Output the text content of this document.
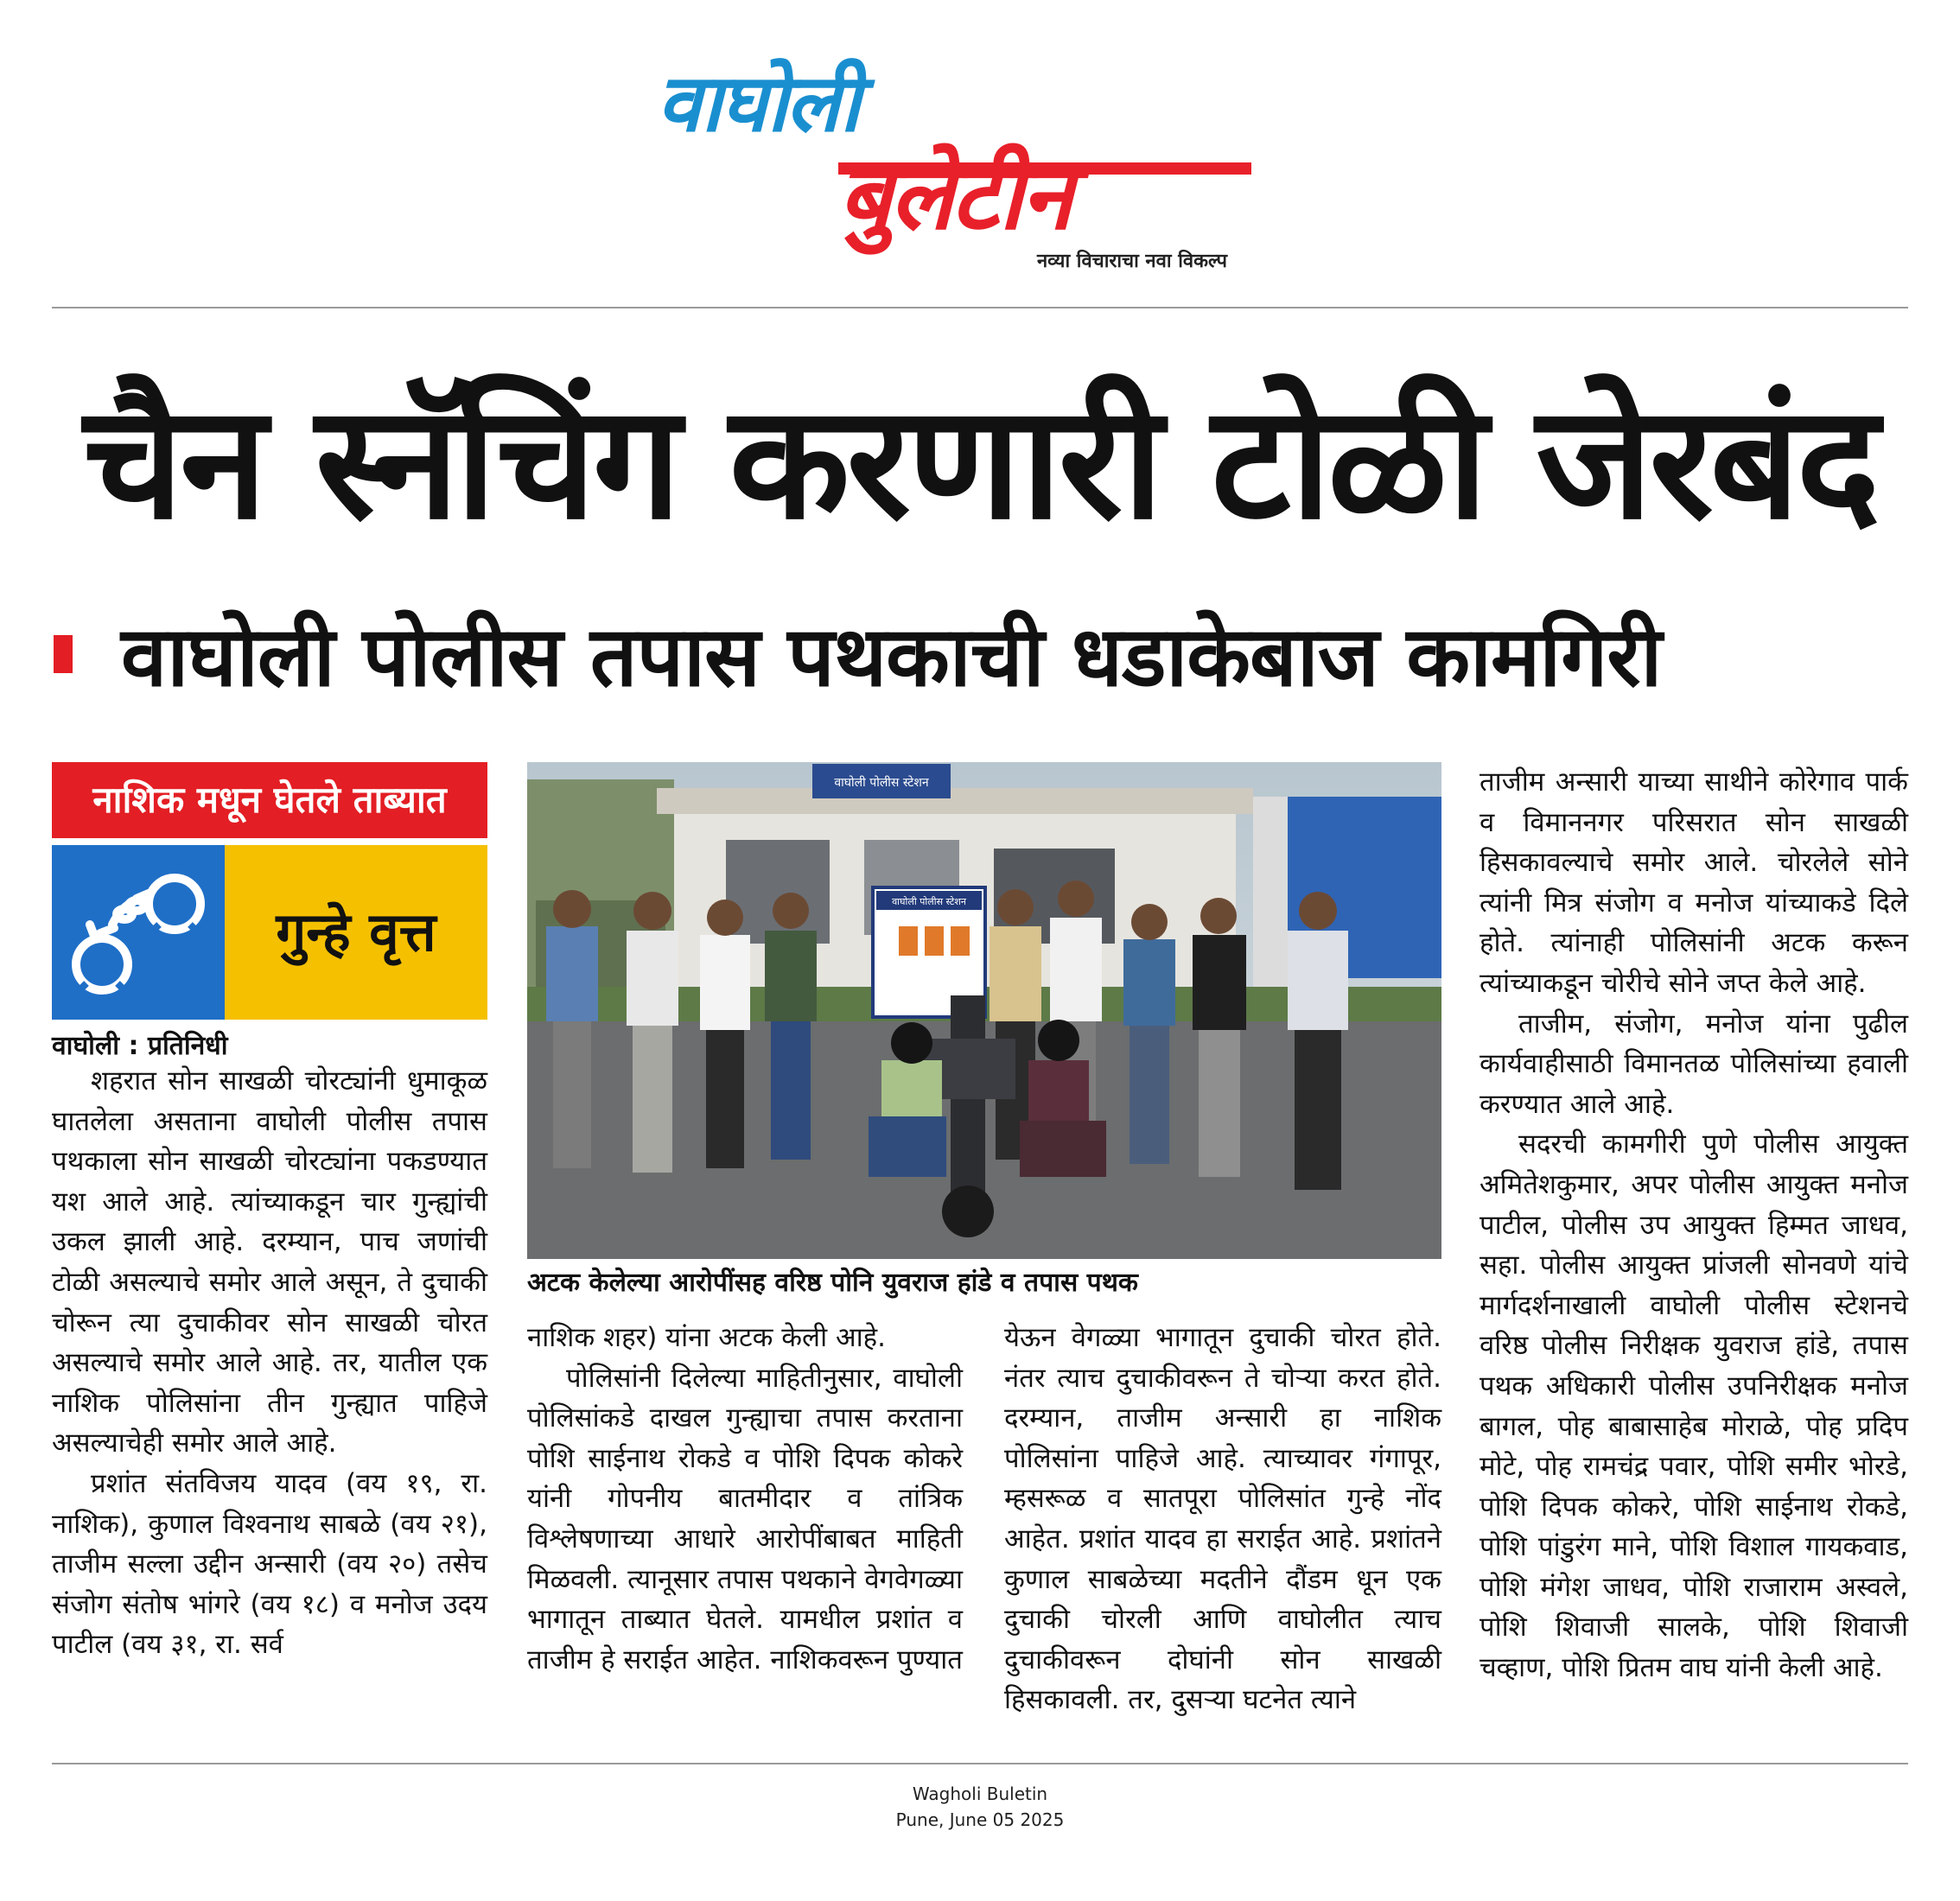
वाघोली
बुलेटीन
नव्या विचाराचा नवा विकल्प
चैन स्नॅचिंग करणारी टोळी जेरबंद
वाघोली पोलीस तपास पथकाची धडाकेबाज कामगिरी
नाशिक मधून घेतले ताब्यात
गुन्हे वृत्त
वाघोली पोलीस स्टेशन
वाघोली पोलीस स्टेशन
अटक केलेल्या आरोपींसह वरिष्ठ पोनि युवराज हांडे व तपास पथक
वाघोली : प्रतिनिधी

शहरात सोन साखळी चोरट्यांनी धुमाकूळ घातलेला असताना वाघोली पोलीस तपास पथकाला सोन साखळी चोरट्यांना पकडण्यात यश आले आहे. त्यांच्याकडून चार गुन्ह्यांची उकल झाली आहे. दरम्यान, पाच जणांची टोळी असल्याचे समोर आले असून, ते दुचाकी चोरून त्या दुचाकीवर सोन साखळी चोरत असल्याचे समोर आले आहे. तर, यातील एक नाशिक पोलिसांना तीन गुन्ह्यात पाहिजे असल्याचेही समोर आले आहे.

प्रशांत संतविजय यादव (वय १९, रा. नाशिक), कुणाल विश्वनाथ साबळे (वय २१), ताजीम सल्ला उद्दीन अन्सारी (वय २०) तसेच संजोग संतोष भांगरे (वय १८) व मनोज उदय पाटील (वय ३१, रा. सर्व

नाशिक शहर) यांना अटक केली आहे.

पोलिसांनी दिलेल्या माहितीनुसार, वाघोली पोलिसांकडे दाखल गुन्ह्याचा तपास करताना पोशि साईनाथ रोकडे व पोशि दिपक कोकरे यांनी गोपनीय बातमीदार व तांत्रिक विश्लेषणाच्या आधारे आरोपींबाबत माहिती मिळवली. त्यानूसार तपास पथकाने वेगवेगळ्या भागातून ताब्यात घेतले. यामधील प्रशांत व ताजीम हे सराईत आहेत. नाशिकवरून पुण्यात

येऊन वेगळ्या भागातून दुचाकी चोरत होते. नंतर त्याच दुचाकीवरून ते चोऱ्या करत होते. दरम्यान, ताजीम अन्सारी हा नाशिक पोलिसांना पाहिजे आहे. त्याच्यावर गंगापूर, म्हसरूळ व सातपूरा पोलिसांत गुन्हे नोंद आहेत. प्रशांत यादव हा सराईत आहे. प्रशांतने कुणाल साबळेच्या मदतीने दौंडम धून एक दुचाकी चोरली आणि वाघोलीत त्याच दुचाकीवरून दोघांनी सोन साखळी हिसकावली. तर, दुसऱ्या घटनेत त्याने

ताजीम अन्सारी याच्या साथीने कोरेगाव पार्क व विमाननगर परिसरात सोन साखळी हिसकावल्याचे समोर आले. चोरलेले सोने त्यांनी मित्र संजोग व मनोज यांच्याकडे दिले होते. त्यांनाही पोलिसांनी अटक करून त्यांच्याकडून चोरीचे सोने जप्त केले आहे.

ताजीम, संजोग, मनोज यांना पुढील कार्यवाहीसाठी विमानतळ पोलिसांच्या हवाली करण्यात आले आहे.

सदरची कामगीरी पुणे पोलीस आयुक्त अमितेशकुमार, अपर पोलीस आयुक्त मनोज पाटील, पोलीस उप आयुक्त हिम्मत जाधव, सहा. पोलीस आयुक्त प्रांजली सोनवणे यांचे मार्गदर्शनाखाली वाघोली पोलीस स्टेशनचे वरिष्ठ पोलीस निरीक्षक युवराज हांडे, तपास पथक अधिकारी पोलीस उपनिरीक्षक मनोज बागल, पोह बाबासाहेब मोराळे, पोह प्रदिप मोटे, पोह रामचंद्र पवार, पोशि समीर भोरडे, पोशि दिपक कोकरे, पोशि साईनाथ रोकडे, पोशि पांडुरंग माने, पोशि विशाल गायकवाड, पोशि मंगेश जाधव, पोशि राजाराम अस्वले, पोशि शिवाजी सालके, पोशि शिवाजी चव्हाण, पोशि प्रितम वाघ यांनी केली आहे.

Wagholi Buletin
Pune, June 05 2025
